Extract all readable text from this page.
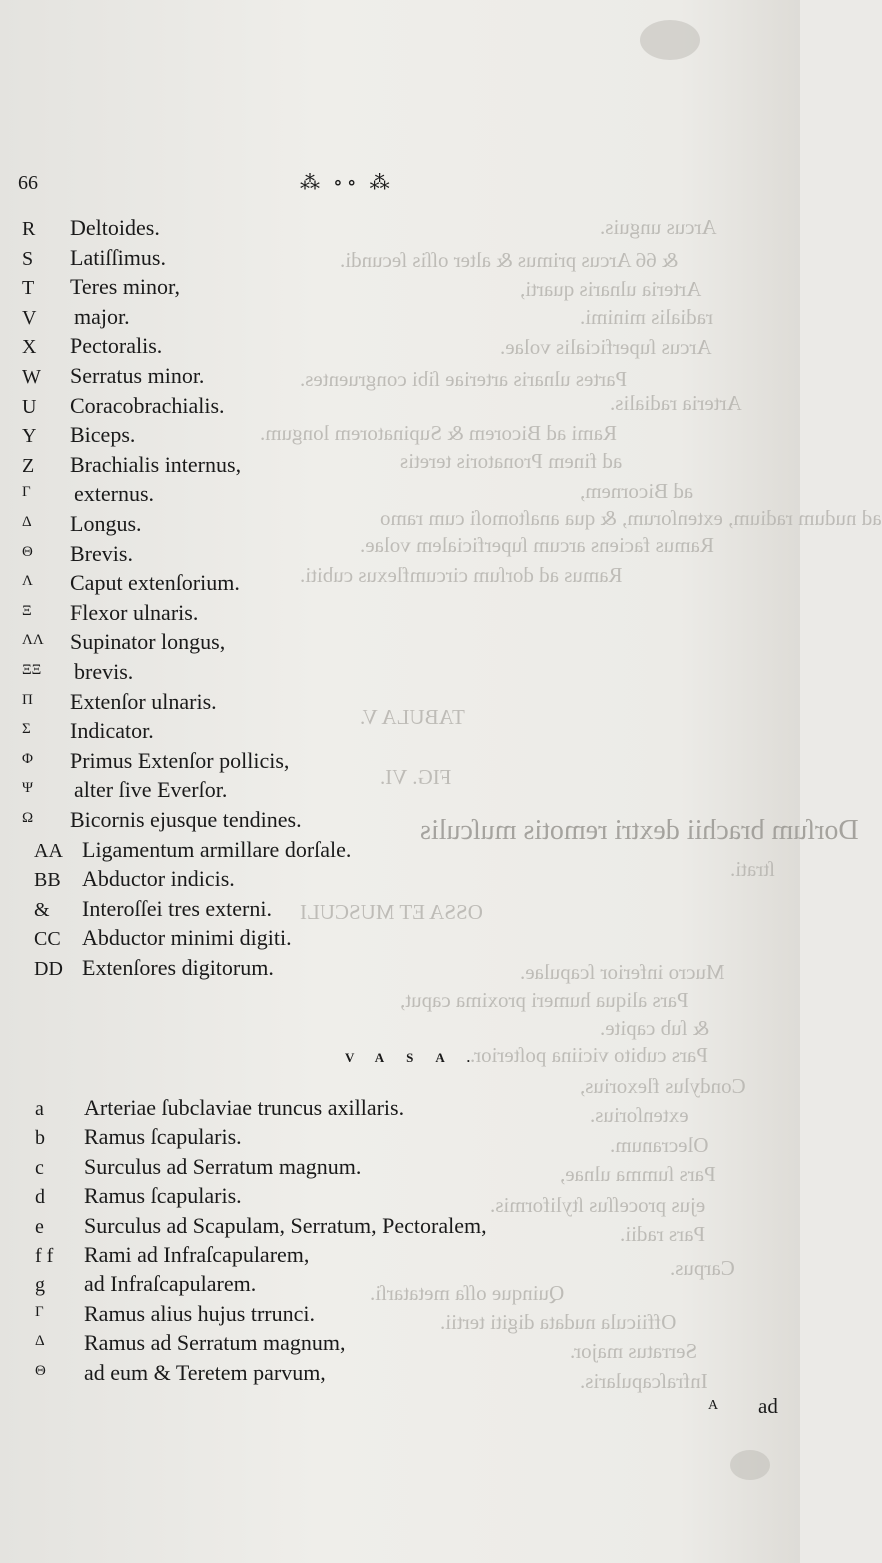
Arcus unguis.
& 66 Arcus primus & alter oſſis ſecundi.
Arteria ulnaris quarti,
radialis minimi.
Arcus ſuperficialis volae.
Partes ulnaris arteriae ſibi congruentes.
Arteria radialis.
Rami ad Bicorem & Supinatorem longum.
ad finem Pronatoris teretis
ad Bicornem,
ad nudum radium, extenſorum, & qua anaſtomoſi cum ramo
Ramus faciens arcum ſuperficialem volae.
Ramus ad dorſum circumflexus cubiti.
TABULA V.
FIG. VI.
Dorſum brachii dextri remotis muſculis
ſtrati.
OSSA ET MUSCULI
Mucro inferior ſcapulae.
Pars aliqua humeri proxima caput,
& ſub capite.
Pars cubito viciina poſterior.
Condylus flexorius,
extenſorius.
Olecranum.
Pars ſumma ulnae,
ejus proceſſus ſtyliformis.
Pars radii.
Carpus.
Quinque oſſa metatarſi.
Offiicula nudata digiti tertii.
Serratus major.
Infraſcapularis.
66	⁂ ∘∘ ⁂
R Deltoides.
S Latiſſimus.
T Teres minor,
V major.
X Pectoralis.
W Serratus minor.
U Coracobrachialis.
Y Biceps.
Z Brachialis internus,
Γ externus.
Δ Longus.
Θ Brevis.
Λ Caput extenſorium.
Ξ Flexor ulnaris.
ΛΛ Supinator longus,
ΞΞ brevis.
Π Extenſor ulnaris.
Σ Indicator.
Φ Primus Extenſor pollicis,
Ψ alter ſive Everſor.
Ω Bicornis ejusque tendines.
AA Ligamentum armillare dorſale.
BB Abductor indicis.
& Interoſſei tres externi.
CC Abductor minimi digiti.
DD Extenſores digitorum.
VASA.
a Arteriae ſubclaviae truncus axillaris.
b Ramus ſcapularis.
c Surculus ad Serratum magnum.
d Ramus ſcapularis.
e Surculus ad Scapulam, Serratum, Pectoralem,
f f Rami ad Infraſcapularem,
g ad Infraſcapularem.
Γ Ramus alius hujus trrunci.
Δ Ramus ad Serratum magnum,
Θ ad eum & Teretem parvum,
A ad
